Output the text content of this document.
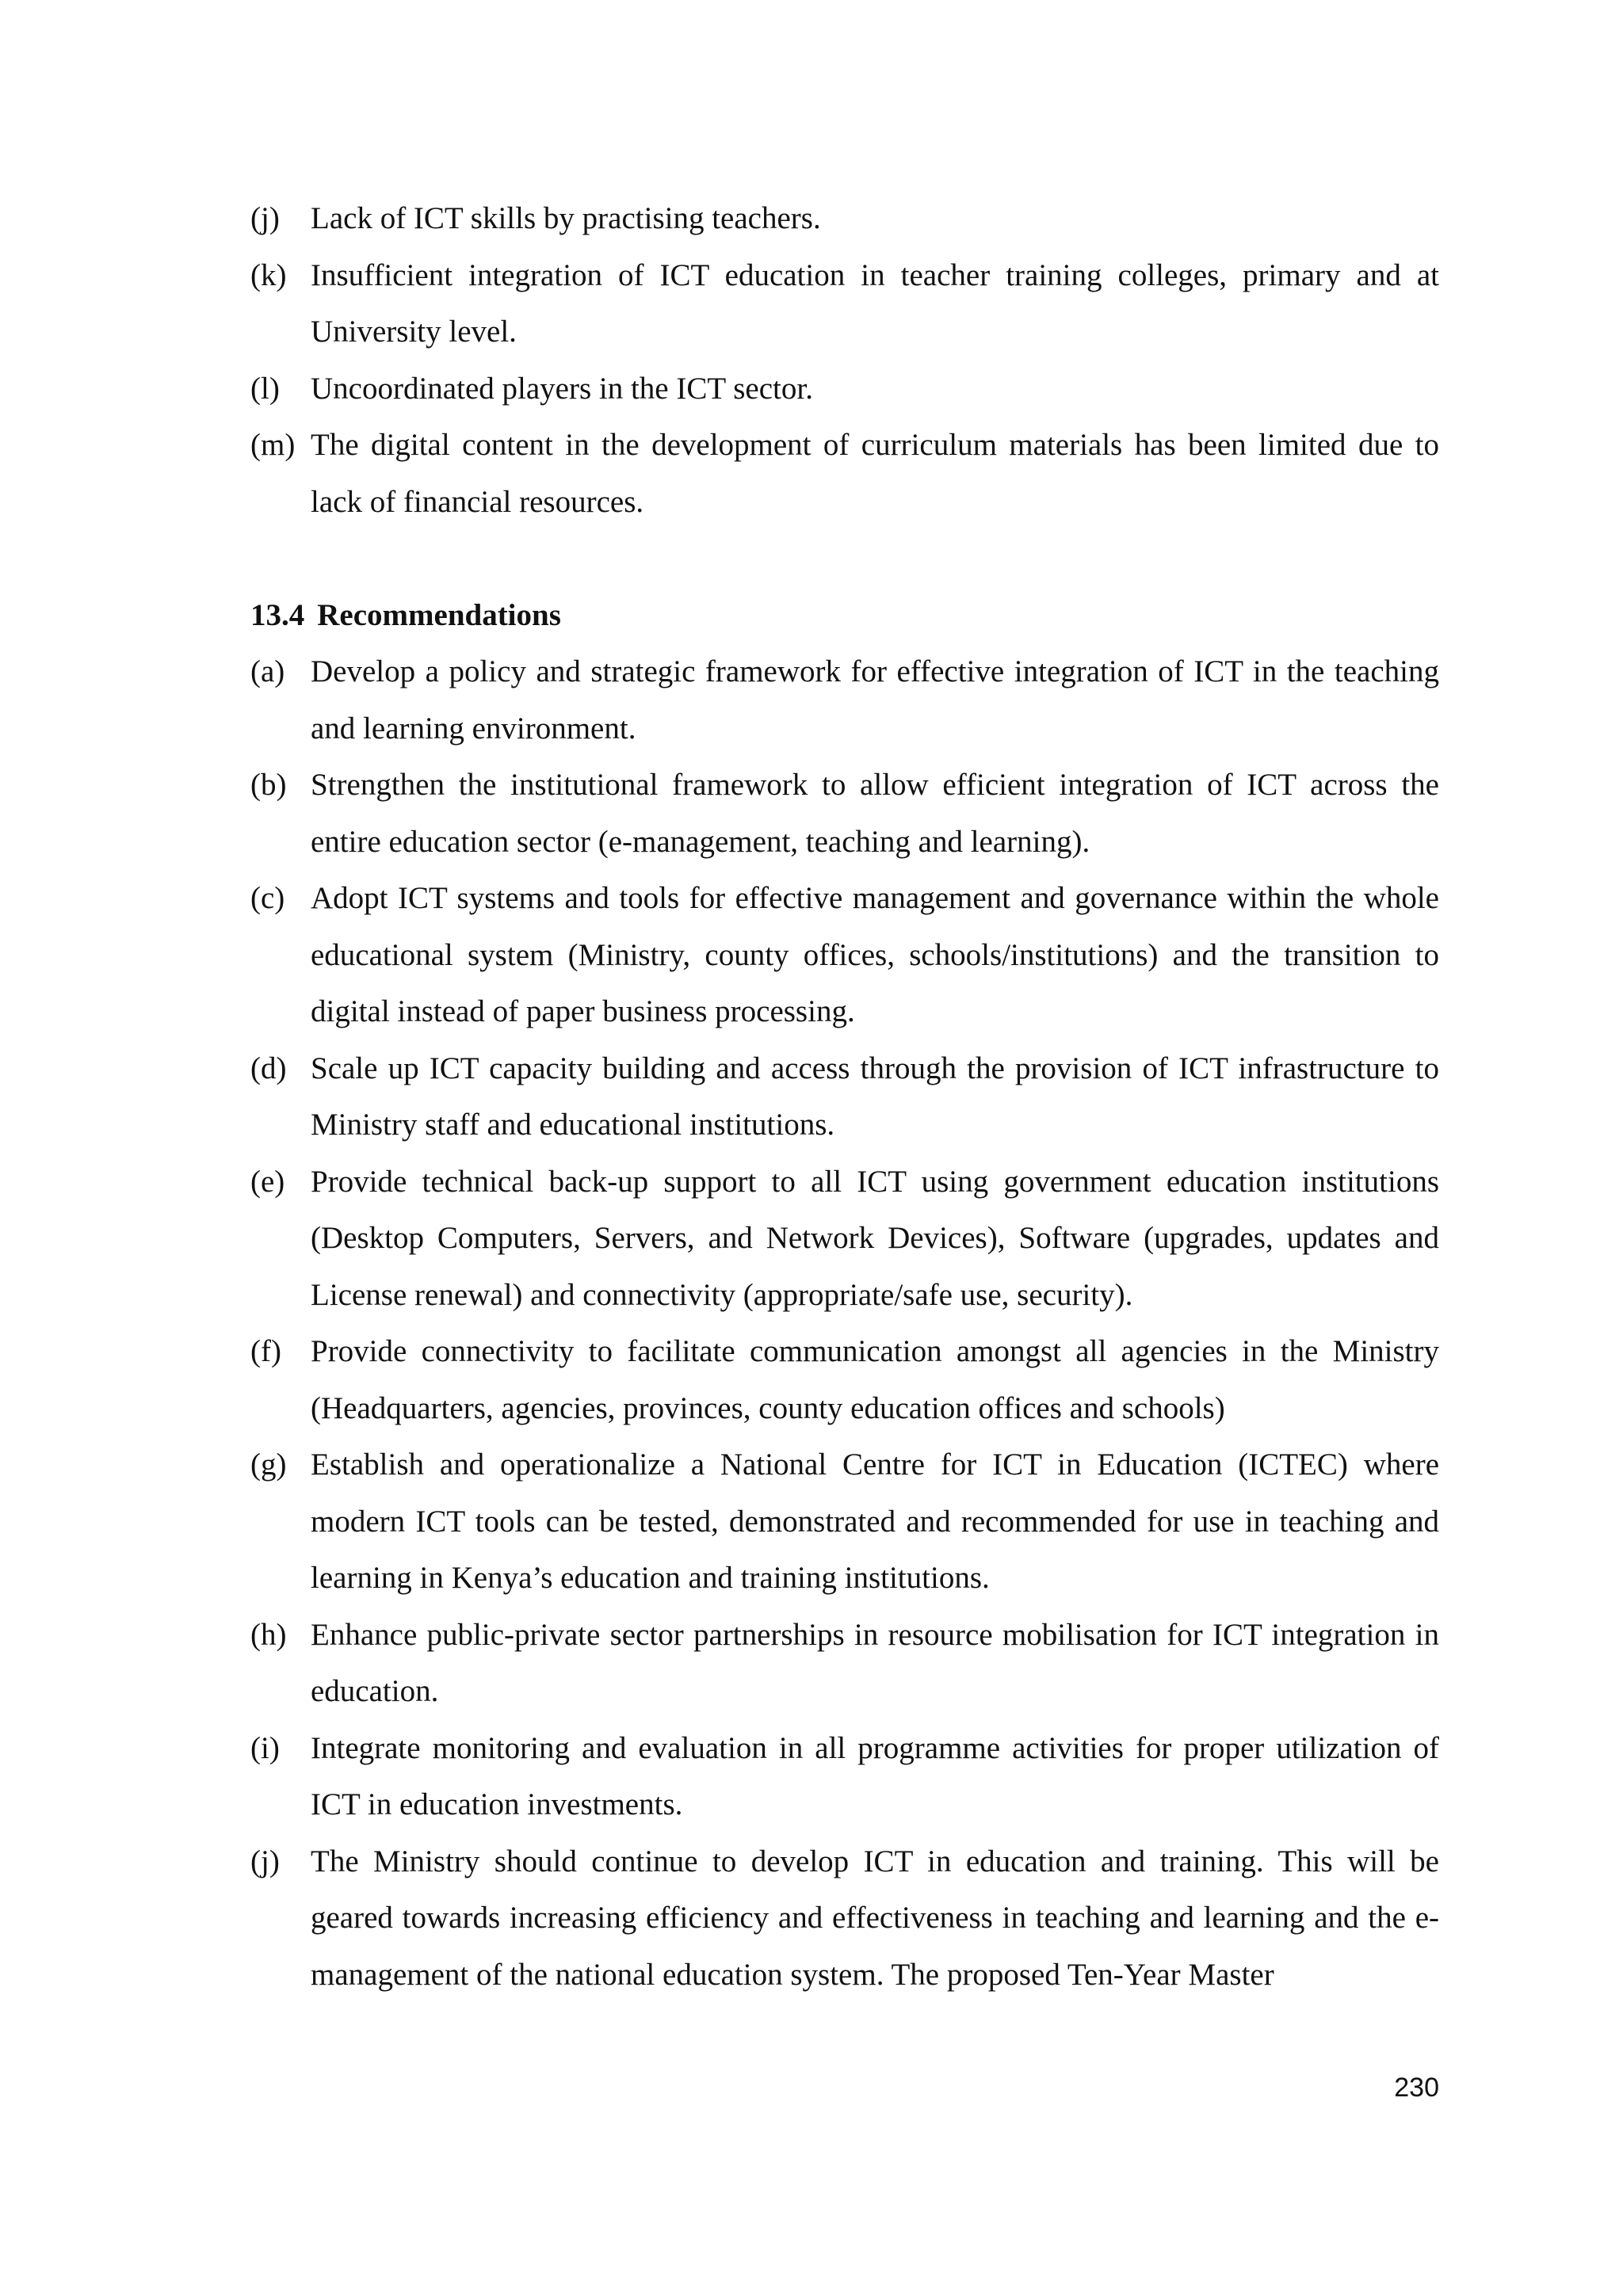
(j)	Lack of ICT skills by practising teachers.
(k) Insufficient integration of ICT education in teacher training colleges, primary and at University level.
(l)	Uncoordinated players in the ICT sector.
(m) The digital content in the development of curriculum materials has been limited due to lack of financial resources.
13.4 Recommendations
(a) Develop a policy and strategic framework for effective integration of ICT in the teaching and learning environment.
(b) Strengthen the institutional framework to allow efficient integration of ICT across the entire education sector (e-management, teaching and learning).
(c) Adopt ICT systems and tools for effective management and governance within the whole educational system (Ministry, county offices, schools/institutions) and the transition to digital instead of paper business processing.
(d) Scale up ICT capacity building and access through the provision of ICT infrastructure to Ministry staff and educational institutions.
(e) Provide technical back-up support to all ICT using government education institutions (Desktop Computers, Servers, and Network Devices), Software (upgrades, updates and License renewal) and connectivity (appropriate/safe use, security).
(f) Provide connectivity to facilitate communication amongst all agencies in the Ministry (Headquarters, agencies, provinces, county education offices and schools)
(g) Establish and operationalize a National Centre for ICT in Education (ICTEC) where modern ICT tools can be tested, demonstrated and recommended for use in teaching and learning in Kenya’s education and training institutions.
(h) Enhance public-private sector partnerships in resource mobilisation for ICT integration in education.
(i)	Integrate monitoring and evaluation in all programme activities for proper utilization of ICT in education investments.
(j)	The Ministry should continue to develop ICT in education and training. This will be geared towards increasing efficiency and effectiveness in teaching and learning and the e-management of the national education system. The proposed Ten-Year Master
230
